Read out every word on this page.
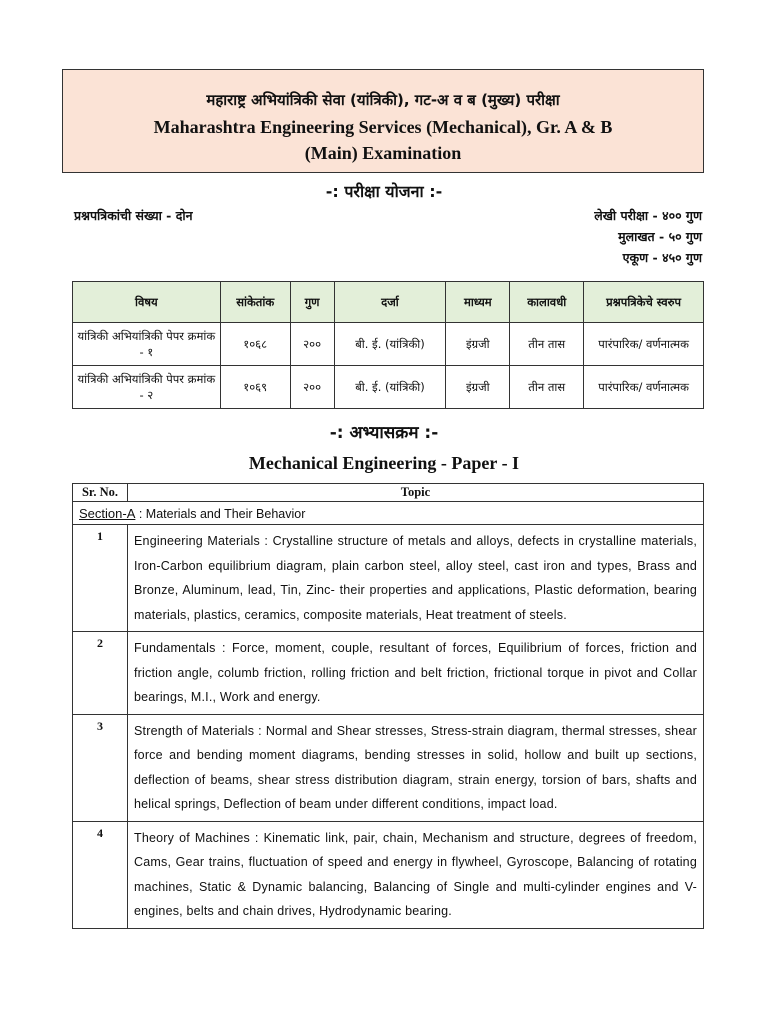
महाराष्ट्र अभियांत्रिकी सेवा (यांत्रिकी), गट-अ व ब (मुख्य) परीक्षा
Maharashtra Engineering Services (Mechanical), Gr. A & B
(Main) Examination
-: परीक्षा योजना :-
प्रश्नपत्रिकांची संख्या - दोन	लेखी परीक्षा - ४०० गुण
मुलाखत - ५० गुण
एकूण - ४५० गुण
विषय	सांकेतांक	गुण	दर्जा	माध्यम	कालावधी	प्रश्नपत्रिकेचे स्वरुप
यांत्रिकी अभियांत्रिकी पेपर क्रमांक - १	१०६८	२००	बी. ई. (यांत्रिकी)	इंग्रजी	तीन तास	पारंपारिक/ वर्णनात्मक
यांत्रिकी अभियांत्रिकी पेपर क्रमांक - २	१०६९	२००	बी. ई. (यांत्रिकी)	इंग्रजी	तीन तास	पारंपारिक/ वर्णनात्मक
-: अभ्यासक्रम :-
Mechanical Engineering - Paper - I
Sr. No.	Topic
Section-A : Materials and Their Behavior	
1	Engineering Materials : Crystalline structure of metals and alloys, defects in crystalline materials, Iron-Carbon equilibrium diagram, plain carbon steel, alloy steel, cast iron and types, Brass and Bronze, Aluminum, lead, Tin, Zinc- their properties and applications, Plastic deformation, bearing materials, plastics, ceramics, composite materials, Heat treatment of steels.
2	Fundamentals : Force, moment, couple, resultant of forces, Equilibrium of forces, friction and friction angle, columb friction, rolling friction and belt friction, frictional torque in pivot and Collar bearings, M.I., Work and energy.
3	Strength of Materials : Normal and Shear stresses, Stress-strain diagram, thermal stresses, shear force and bending moment diagrams, bending stresses in solid, hollow and built up sections, deflection of beams, shear stress distribution diagram, strain energy, torsion of bars, shafts and helical springs, Deflection of beam under different conditions, impact load.
4	Theory of Machines : Kinematic link, pair, chain, Mechanism and structure, degrees of freedom, Cams, Gear trains, fluctuation of speed and energy in flywheel, Gyroscope, Balancing of rotating machines, Static & Dynamic balancing, Balancing of Single and multi-cylinder engines and V-engines, belts and chain drives, Hydrodynamic bearing.
